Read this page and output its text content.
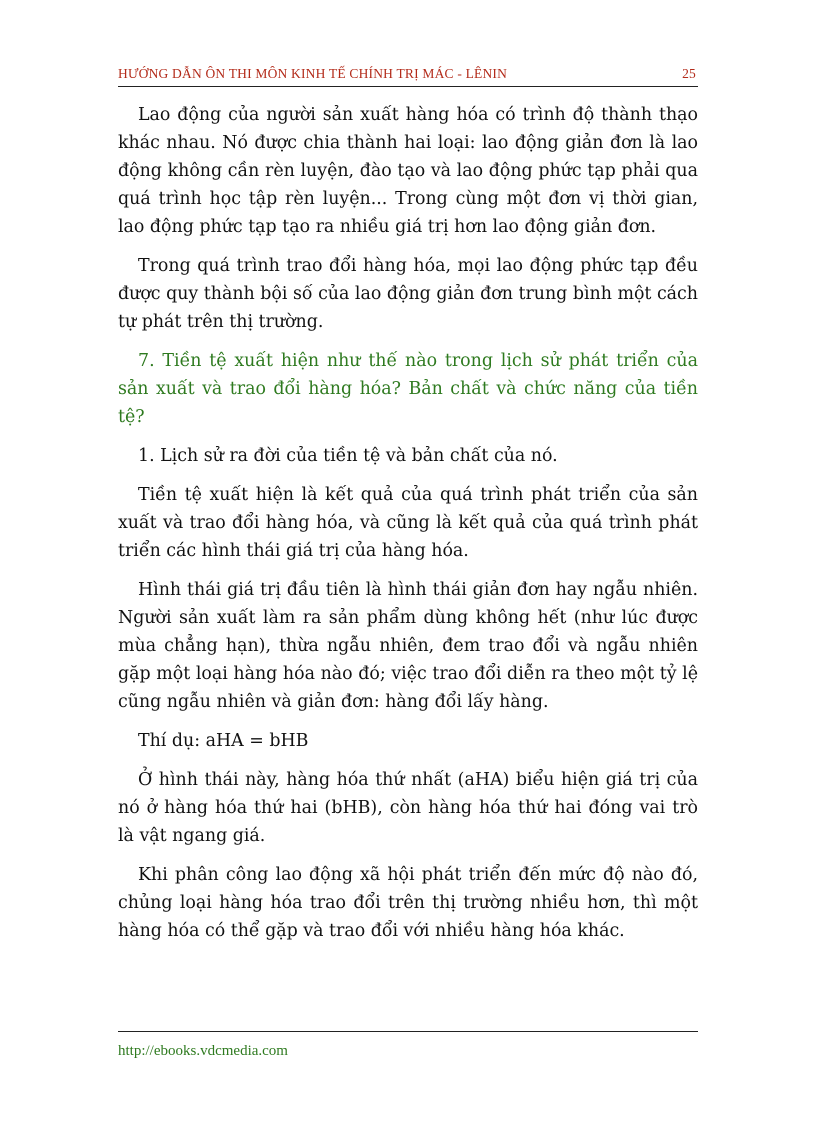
HƯỚNG DẪN ÔN THI MÔN KINH TẾ CHÍNH TRỊ MÁC - LÊNIN	25

Lao động của người sản xuất hàng hóa có trình độ thành thạo khác nhau. Nó được chia thành hai loại: lao động giản đơn là lao động không cần rèn luyện, đào tạo và lao động phức tạp phải qua quá trình học tập rèn luyện... Trong cùng một đơn vị thời gian, lao động phức tạp tạo ra nhiều giá trị hơn lao động giản đơn.

Trong quá trình trao đổi hàng hóa, mọi lao động phức tạp đều được quy thành bội số của lao động giản đơn trung bình một cách tự phát trên thị trường.

7. Tiền tệ xuất hiện như thế nào trong lịch sử phát triển của sản xuất và trao đổi hàng hóa? Bản chất và chức năng của tiền tệ?

1. Lịch sử ra đời của tiền tệ và bản chất của nó.

Tiền tệ xuất hiện là kết quả của quá trình phát triển của sản xuất và trao đổi hàng hóa, và cũng là kết quả của quá trình phát triển các hình thái giá trị của hàng hóa.

Hình thái giá trị đầu tiên là hình thái giản đơn hay ngẫu nhiên. Người sản xuất làm ra sản phẩm dùng không hết (như lúc được mùa chẳng hạn), thừa ngẫu nhiên, đem trao đổi và ngẫu nhiên gặp một loại hàng hóa nào đó; việc trao đổi diễn ra theo một tỷ lệ cũng ngẫu nhiên và giản đơn: hàng đổi lấy hàng.

Thí dụ: aHA = bHB

Ở hình thái này, hàng hóa thứ nhất (aHA) biểu hiện giá trị của nó ở hàng hóa thứ hai (bHB), còn hàng hóa thứ hai đóng vai trò là vật ngang giá.

Khi phân công lao động xã hội phát triển đến mức độ nào đó, chủng loại hàng hóa trao đổi trên thị trường nhiều hơn, thì một hàng hóa có thể gặp và trao đổi với nhiều hàng hóa khác.

http://ebooks.vdcmedia.com
